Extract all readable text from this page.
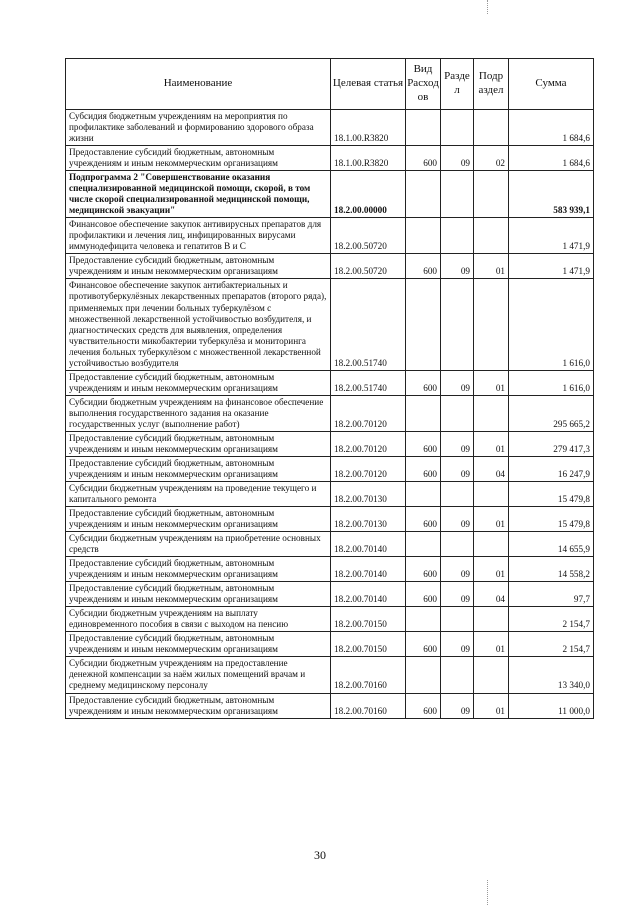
Наименование	Целевая статья	Вид Расход ов	Разде л	Подр аздел	Сумма
Субсидия бюджетным учреждениям на мероприятия по профилактике заболеваний и формированию здорового образа жизни	18.1.00.R3820				1 684,6
Предоставление субсидий бюджетным, автономным учреждениям и иным некоммерческим организациям	18.1.00.R3820	600	09	02	1 684,6
Подпрограмма 2 "Совершенствование оказания специализированной медицинской помощи, скорой, в том числе скорой специализированной медицинской помощи, медицинской эвакуации"	18.2.00.00000				583 939,1
Финансовое обеспечение закупок антивирусных препаратов для профилактики и лечения лиц, инфицированных вирусами иммунодефицита человека и гепатитов В и С	18.2.00.50720				1 471,9
Предоставление субсидий бюджетным, автономным учреждениям и иным некоммерческим организациям	18.2.00.50720	600	09	01	1 471,9
Финансовое обеспечение закупок антибактериальных и противотуберкулёзных лекарственных препаратов (второго ряда), применяемых при лечении больных туберкулёзом с множественной лекарственной устойчивостью возбудителя, и диагностических средств для выявления, определения чувствительности микобактерии туберкулёза и мониторинга лечения больных туберкулёзом с множественной лекарственной устойчивостью возбудителя	18.2.00.51740				1 616,0
Предоставление субсидий бюджетным, автономным учреждениям и иным некоммерческим организациям	18.2.00.51740	600	09	01	1 616,0
Субсидии бюджетным учреждениям на финансовое обеспечение выполнения государственного задания на оказание государственных услуг (выполнение работ)	18.2.00.70120				295 665,2
Предоставление субсидий бюджетным, автономным учреждениям и иным некоммерческим организациям	18.2.00.70120	600	09	01	279 417,3
Предоставление субсидий бюджетным, автономным учреждениям и иным некоммерческим организациям	18.2.00.70120	600	09	04	16 247,9
Субсидии бюджетным учреждениям на проведение текущего и капитального ремонта	18.2.00.70130				15 479,8
Предоставление субсидий бюджетным, автономным учреждениям и иным некоммерческим организациям	18.2.00.70130	600	09	01	15 479,8
Субсидии бюджетным учреждениям на приобретение основных средств	18.2.00.70140				14 655,9
Предоставление субсидий бюджетным, автономным учреждениям и иным некоммерческим организациям	18.2.00.70140	600	09	01	14 558,2
Предоставление субсидий бюджетным, автономным учреждениям и иным некоммерческим организациям	18.2.00.70140	600	09	04	97,7
Субсидии бюджетным учреждениям на выплату единовременного пособия в связи с выходом на пенсию	18.2.00.70150				2 154,7
Предоставление субсидий бюджетным, автономным учреждениям и иным некоммерческим организациям	18.2.00.70150	600	09	01	2 154,7
Субсидии бюджетным учреждениям на предоставление денежной компенсации за наём жилых помещений врачам и среднему медицинскому персоналу	18.2.00.70160				13 340,0
Предоставление субсидий бюджетным, автономным учреждениям и иным некоммерческим организациям	18.2.00.70160	600	09	01	11 000,0
30
